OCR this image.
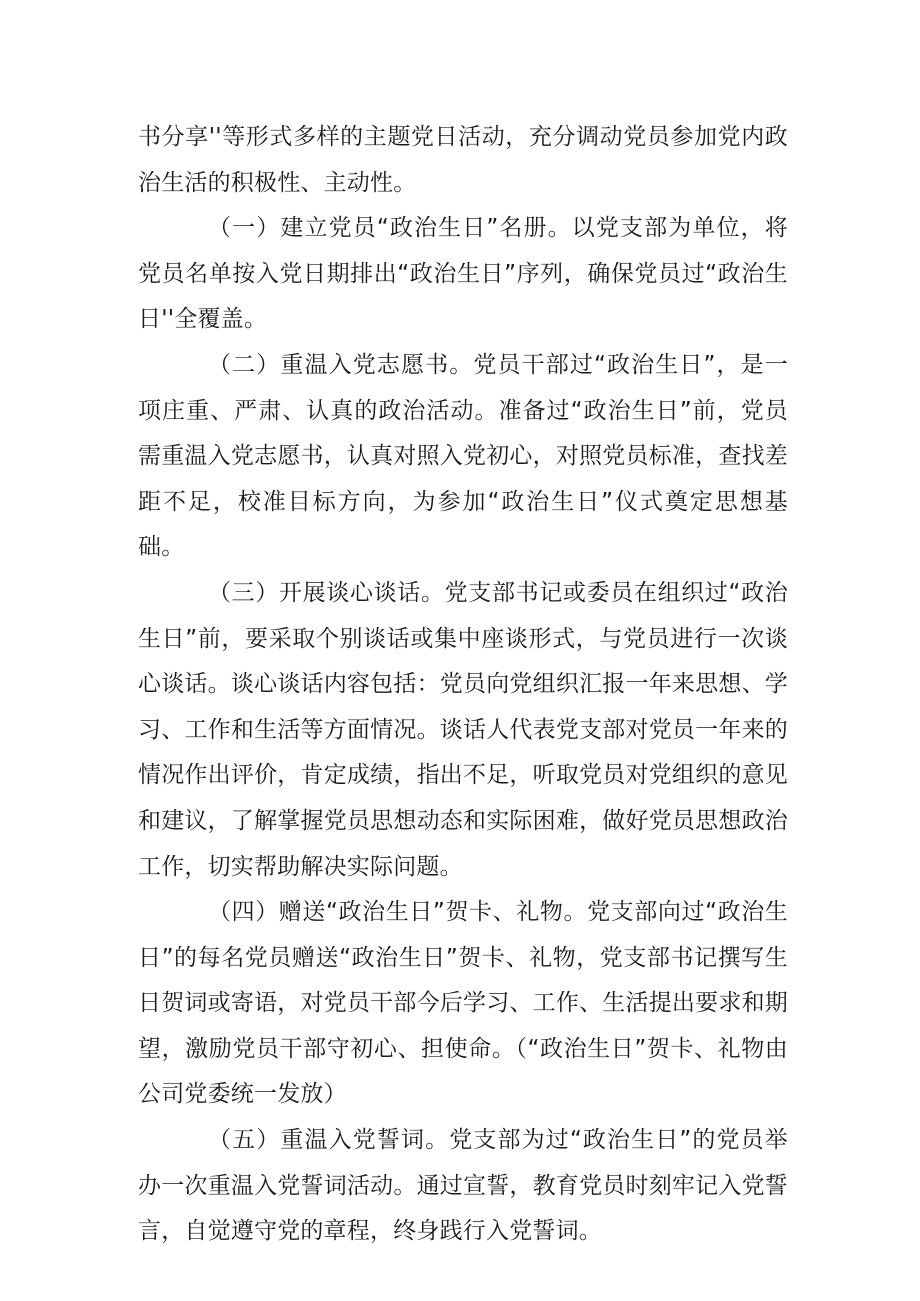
书分享''等形式多样的主题党日活动，充分调动党员参加党内政治生活的积极性、主动性。

（一）建立党员“政治生日”名册。以党支部为单位，将党员名单按入党日期排出“政治生日”序列，确保党员过“政治生日''全覆盖。

（二）重温入党志愿书。党员干部过“政治生日”，是一项庄重、严肃、认真的政治活动。准备过“政治生日”前，党员需重温入党志愿书，认真对照入党初心，对照党员标准，查找差距不足，校准目标方向，为参加“政治生日”仪式奠定思想基础。

（三）开展谈心谈话。党支部书记或委员在组织过“政治生日”前，要采取个别谈话或集中座谈形式，与党员进行一次谈心谈话。谈心谈话内容包括：党员向党组织汇报一年来思想、学习、工作和生活等方面情况。谈话人代表党支部对党员一年来的情况作出评价，肯定成绩，指出不足，听取党员对党组织的意见和建议，了解掌握党员思想动态和实际困难，做好党员思想政治工作，切实帮助解决实际问题。

（四）赠送“政治生日”贺卡、礼物。党支部向过“政治生日”的每名党员赠送“政治生日”贺卡、礼物，党支部书记撰写生日贺词或寄语，对党员干部今后学习、工作、生活提出要求和期望，激励党员干部守初心、担使命。（“政治生日”贺卡、礼物由公司党委统一发放）

（五）重温入党誓词。党支部为过“政治生日”的党员举办一次重温入党誓词活动。通过宣誓，教育党员时刻牢记入党誓言，自觉遵守党的章程，终身践行入党誓词。
